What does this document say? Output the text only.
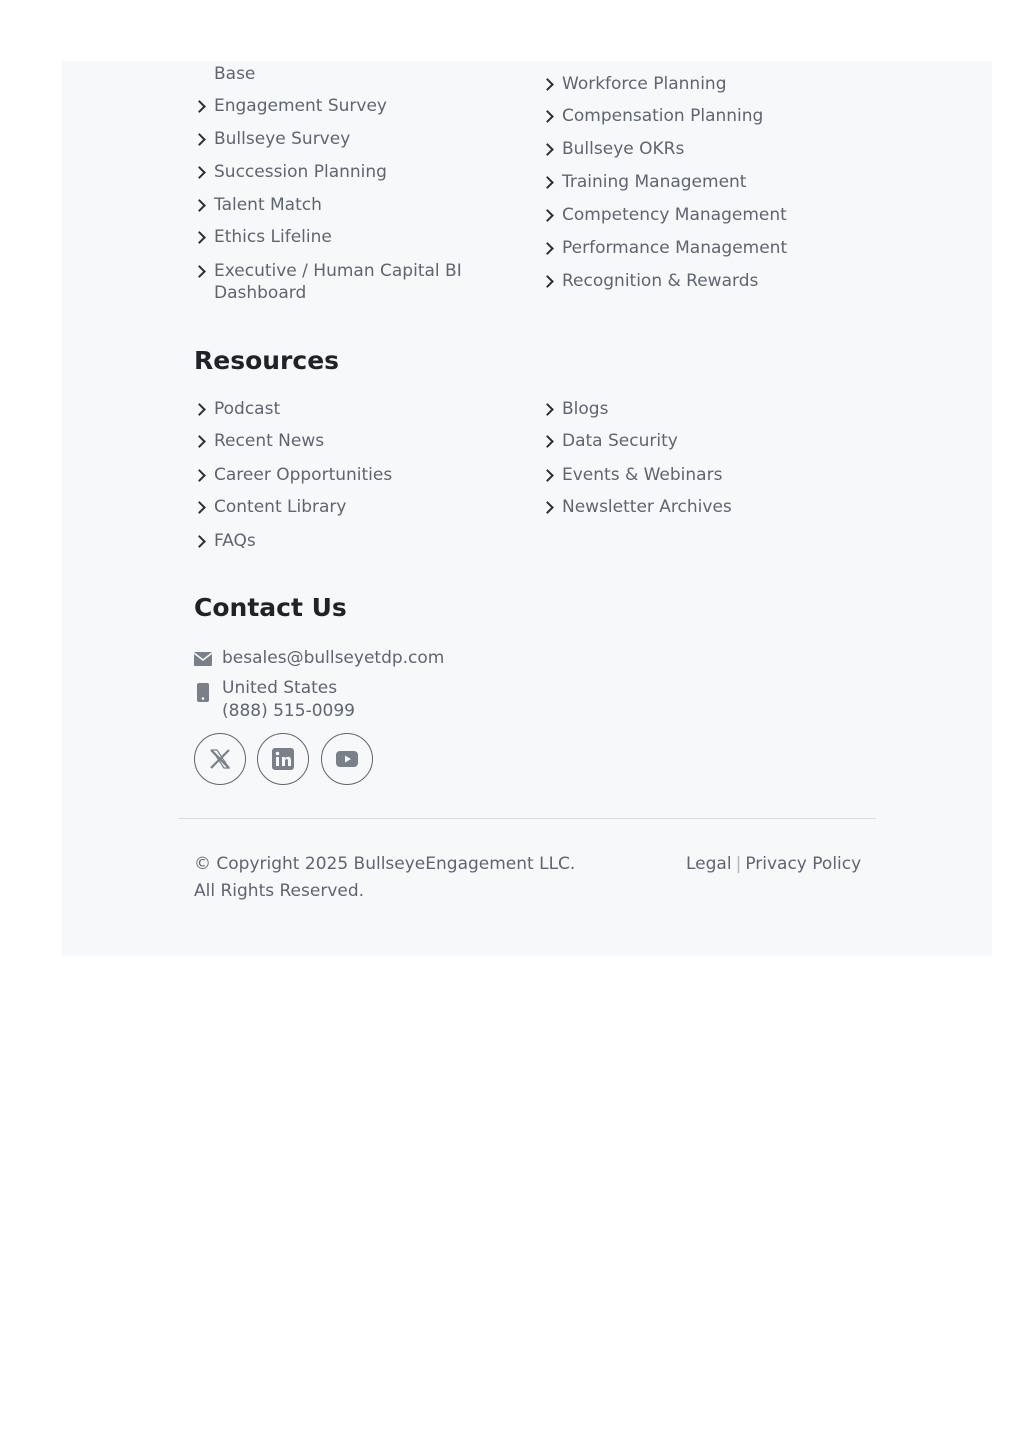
Base
Engagement Survey
Bullseye Survey
Succession Planning
Talent Match
Ethics Lifeline
Executive / Human Capital BI
Dashboard
Workforce Planning
Compensation Planning
Bullseye OKRs
Training Management
Competency Management
Performance Management
Recognition & Rewards
Resources
Podcast
Recent News
Career Opportunities
Content Library
FAQs
Blogs
Data Security
Events & Webinars
Newsletter Archives
Contact Us
besales@bullseyetdp.com
United States
(888) 515-0099
© Copyright 2025 BullseyeEngagement LLC.
All Rights Reserved.
Legal | Privacy Policy
